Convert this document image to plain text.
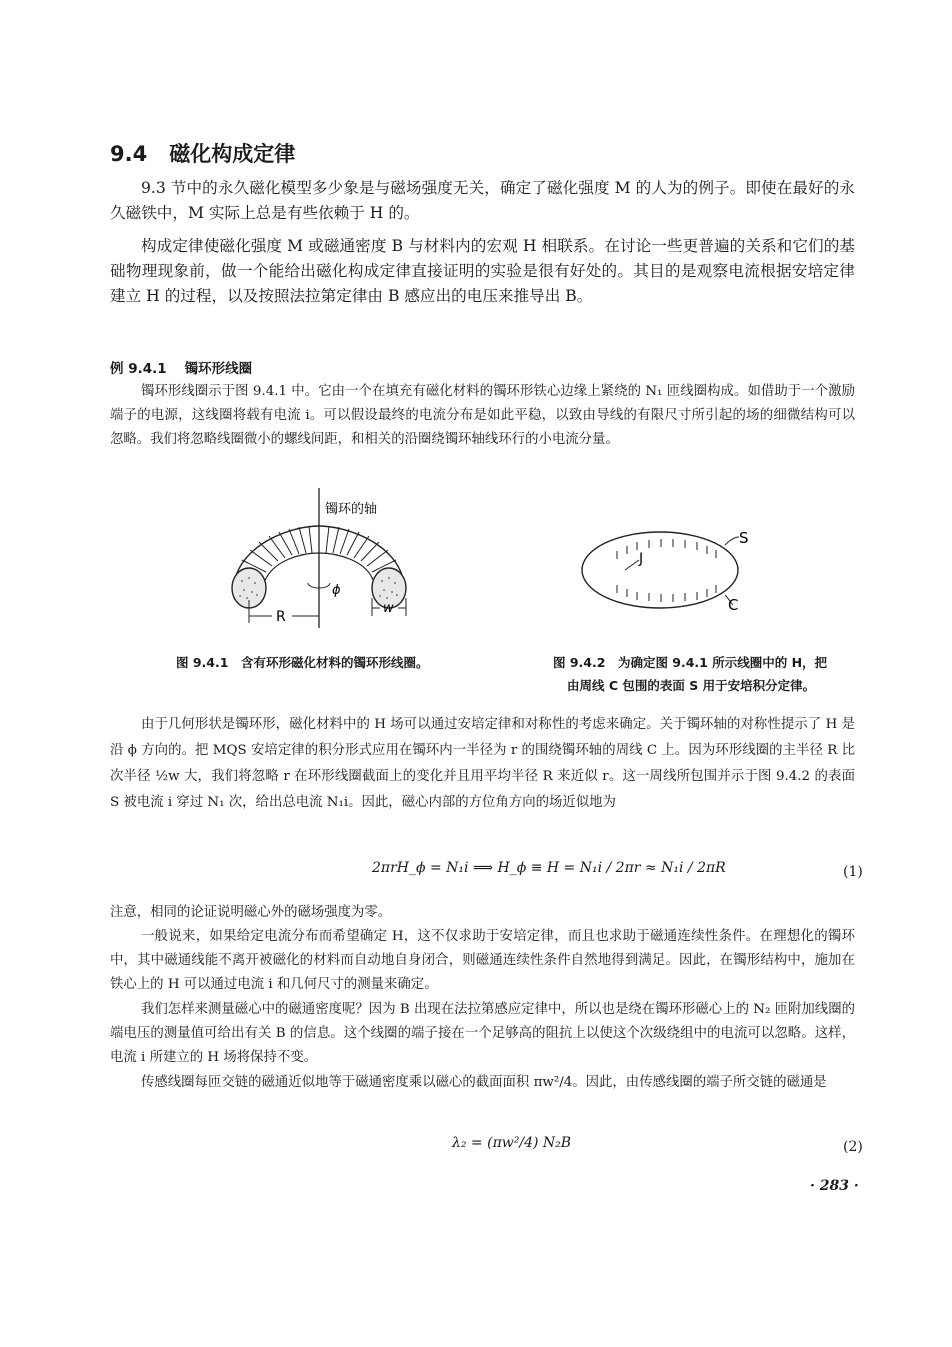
9.4 磁化构成定律
9.3 节中的永久磁化模型多少象是与磁场强度无关，确定了磁化强度 M 的人为的例子。即使在最好的永久磁铁中，M 实际上总是有些依赖于 H 的。
构成定律使磁化强度 M 或磁通密度 B 与材料内的宏观 H 相联系。在讨论一些更普遍的关系和它们的基础物理现象前，做一个能给出磁化构成定律直接证明的实验是很有好处的。其目的是观察电流根据安培定律建立 H 的过程，以及按照法拉第定律由 B 感应出的电压来推导出 B。
例 9.4.1 镯环形线圈
镯环形线圈示于图 9.4.1 中。它由一个在填充有磁化材料的镯环形铁心边缘上紧绕的 N₁ 匝线圈构成。如借助于一个激励端子的电源，这线圈将载有电流 i。可以假设最终的电流分布是如此平稳，以致由导线的有限尺寸所引起的场的细微结构可以忽略。我们将忽略线圈微小的螺线间距，和相关的沿圈绕镯环轴线环行的小电流分量。
镯环的轴
ϕ
R
w
J
S
C
图 9.4.1　含有环形磁化材料的镯环形线圈。	图 9.4.2　为确定图 9.4.1 所示线圈中的 H，把
由周线 C 包围的表面 S 用于安培积分定律。
由于几何形状是镯环形，磁化材料中的 H 场可以通过安培定律和对称性的考虑来确定。关于镯环轴的对称性提示了 H 是沿 ϕ 方向的。把 MQS 安培定律的积分形式应用在镯环内一半径为 r 的围绕镯环轴的周线 C 上。因为环形线圈的主半径 R 比次半径 ½w 大，我们将忽略 r 在环形线圈截面上的变化并且用平均半径 R 来近似 r。这一周线所包围并示于图 9.4.2 的表面 S 被电流 i 穿过 N₁ 次，给出总电流 N₁i。因此，磁心内部的方位角方向的场近似地为
2πrH_ϕ = N₁i ⟹ H_ϕ ≡ H = N₁i / 2πr ≈ N₁i / 2πR	(1)
注意，相同的论证说明磁心外的磁场强度为零。
一般说来，如果给定电流分布而希望确定 H，这不仅求助于安培定律，而且也求助于磁通连续性条件。在理想化的镯环中，其中磁通线能不离开被磁化的材料而自动地自身闭合，则磁通连续性条件自然地得到满足。因此，在镯形结构中，施加在铁心上的 H 可以通过电流 i 和几何尺寸的测量来确定。
我们怎样来测量磁心中的磁通密度呢？因为 B 出现在法拉第感应定律中，所以也是绕在镯环形磁心上的 N₂ 匝附加线圈的端电压的测量值可给出有关 B 的信息。这个线圈的端子接在一个足够高的阻抗上以使这个次级绕组中的电流可以忽略。这样，电流 i 所建立的 H 场将保持不变。
传感线圈每匝交链的磁通近似地等于磁通密度乘以磁心的截面面积 πw²/4。因此，由传感线圈的端子所交链的磁通是
λ₂ = (πw²/4) N₂B	(2)
· 283 ·
